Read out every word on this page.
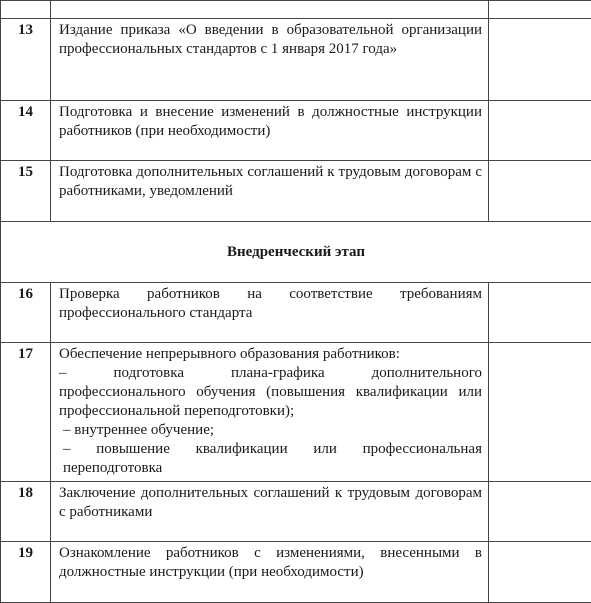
13	Издание приказа «О введении в образовательной организации профессиональных стандартов с 1 января 2017 года»	
14	Подготовка и внесение изменений в должностные инструкции работников (при необходимости)	
15	Подготовка дополнительных соглашений к трудовым договорам с работниками, уведомлений	
Внедренческий этап		
16	Проверка работников на соответствие требованиям профессионального стандарта	
17	Обеспечение непрерывного образования работников:
– подготовка плана-графика дополнительного профессионального обучения (повышения квалификации или профессиональной переподготовки);
– внутреннее обучение;
– повышение квалификации или профессиональная переподготовка	

18	Заключение дополнительных соглашений к трудовым договорам с работниками	
19	Ознакомление работников с изменениями, внесенными в должностные инструкции (при необходимости)	
